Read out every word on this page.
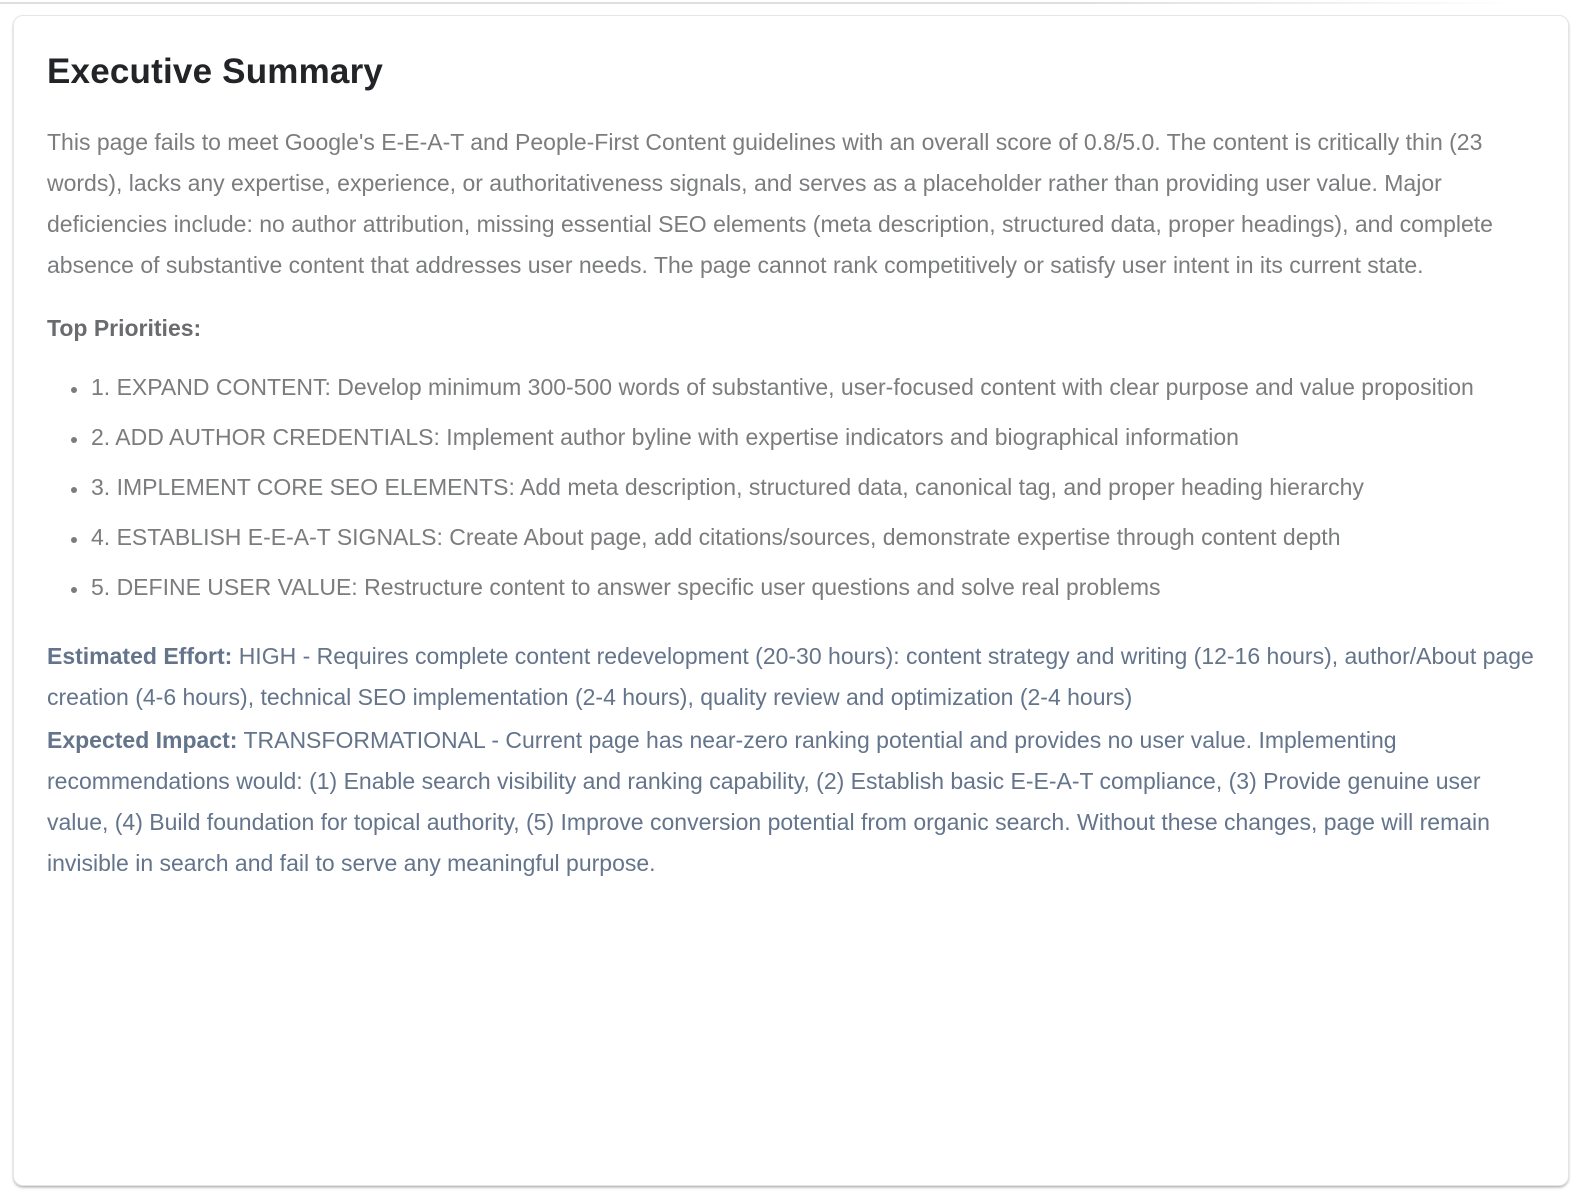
Executive Summary

This page fails to meet Google's E-E-A-T and People-First Content guidelines with an overall score of 0.8/5.0. The content is critically thin (23 words), lacks any expertise, experience, or authoritativeness signals, and serves as a placeholder rather than providing user value. Major deficiencies include: no author attribution, missing essential SEO elements (meta description, structured data, proper headings), and complete absence of substantive content that addresses user needs. The page cannot rank competitively or satisfy user intent in its current state.

Top Priorities:

• 1. EXPAND CONTENT: Develop minimum 300-500 words of substantive, user-focused content with clear purpose and value proposition
• 2. ADD AUTHOR CREDENTIALS: Implement author byline with expertise indicators and biographical information
• 3. IMPLEMENT CORE SEO ELEMENTS: Add meta description, structured data, canonical tag, and proper heading hierarchy
• 4. ESTABLISH E-E-A-T SIGNALS: Create About page, add citations/sources, demonstrate expertise through content depth
• 5. DEFINE USER VALUE: Restructure content to answer specific user questions and solve real problems

Estimated Effort: HIGH - Requires complete content redevelopment (20-30 hours): content strategy and writing (12-16 hours), author/About page creation (4-6 hours), technical SEO implementation (2-4 hours), quality review and optimization (2-4 hours)

Expected Impact: TRANSFORMATIONAL - Current page has near-zero ranking potential and provides no user value. Implementing recommendations would: (1) Enable search visibility and ranking capability, (2) Establish basic E-E-A-T compliance, (3) Provide genuine user value, (4) Build foundation for topical authority, (5) Improve conversion potential from organic search. Without these changes, page will remain invisible in search and fail to serve any meaningful purpose.
